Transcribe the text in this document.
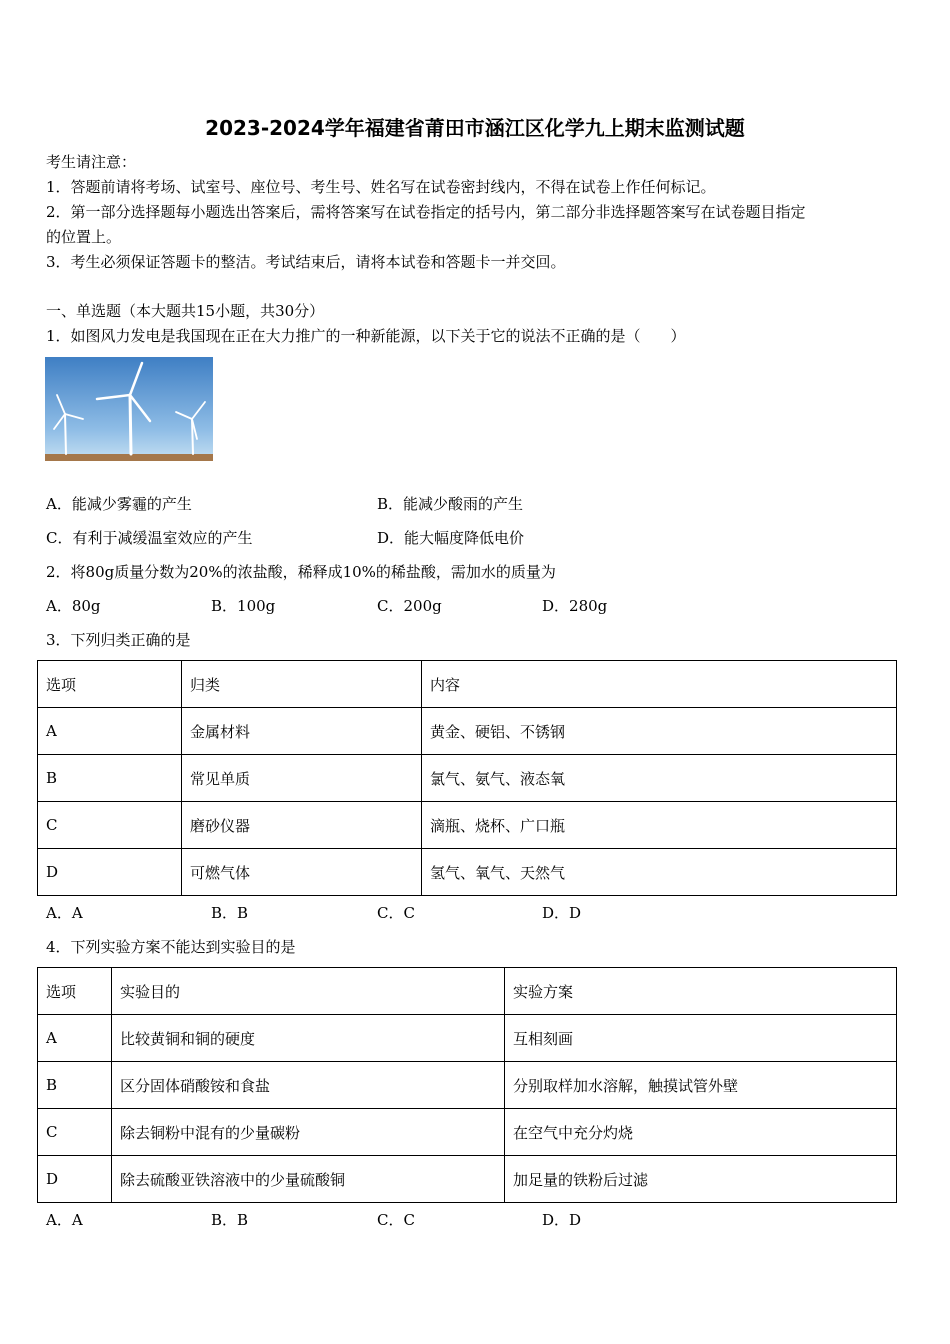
2023-2024学年福建省莆田市涵江区化学九上期末监测试题
考生请注意：
1．答题前请将考场、试室号、座位号、考生号、姓名写在试卷密封线内，不得在试卷上作任何标记。
2．第一部分选择题每小题选出答案后，需将答案写在试卷指定的括号内，第二部分非选择题答案写在试卷题目指定
的位置上。
3．考生必须保证答题卡的整洁。考试结束后，请将本试卷和答题卡一并交回。
一、单选题（本大题共15小题，共30分）
1．如图风力发电是我国现在正在大力推广的一种新能源，以下关于它的说法不正确的是（　　）
A．能减少雾霾的产生	B．能减少酸雨的产生
C．有利于减缓温室效应的产生	D．能大幅度降低电价
2．将80g质量分数为20%的浓盐酸，稀释成10%的稀盐酸，需加水的质量为
A．80g	B．100g	C．200g	D．280g
3．下列归类正确的是
选项	归类	内容
A	金属材料	黄金、硬铝、不锈钢
B	常见单质	氯气、氨气、液态氧
C	磨砂仪器	滴瓶、烧杯、广口瓶
D	可燃气体	氢气、氧气、天然气
A．A	B．B	C．C	D．D
4．下列实验方案不能达到实验目的是
选项	实验目的	实验方案
A	比较黄铜和铜的硬度	互相刻画
B	区分固体硝酸铵和食盐	分别取样加水溶解，触摸试管外壁
C	除去铜粉中混有的少量碳粉	在空气中充分灼烧
D	除去硫酸亚铁溶液中的少量硫酸铜	加足量的铁粉后过滤
A．A	B．B	C．C	D．D
